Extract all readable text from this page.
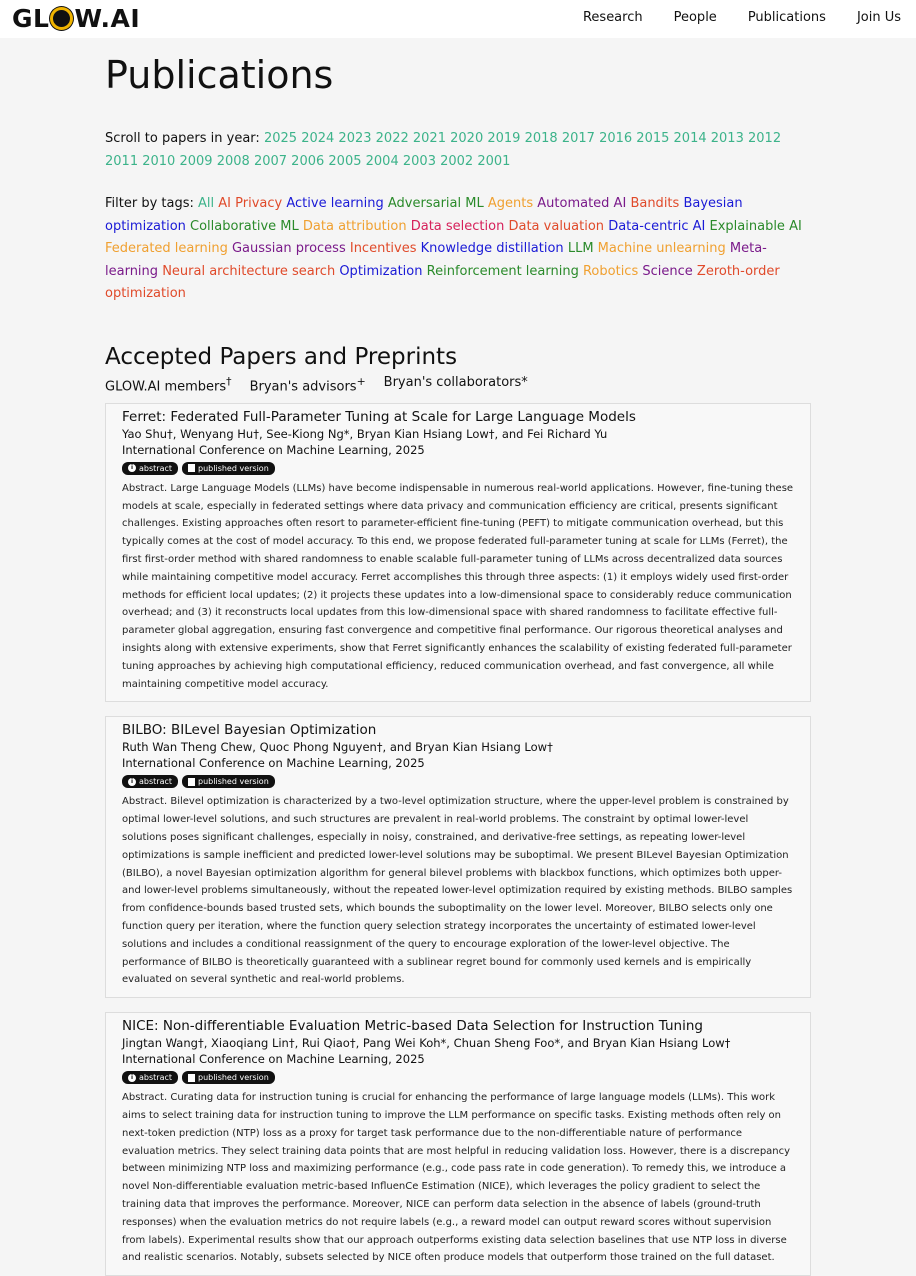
GL W.AI	Research People Publications Join Us
Publications
Scroll to papers in year: 2025 2024 2023 2022 2021 2020 2019 2018 2017 2016 2015 2014 2013 2012 2011 2010 2009 2008 2007 2006 2005 2004 2003 2002 2001
Filter by tags: All AI Privacy Active learning Adversarial ML Agents Automated AI Bandits Bayesian optimization Collaborative ML Data attribution Data selection Data valuation Data-centric AI Explainable AI Federated learning Gaussian process Incentives Knowledge distillation LLM Machine unlearning Meta-learning Neural architecture search Optimization Reinforcement learning Robotics Science Zeroth-order optimization
Accepted Papers and Preprints
GLOW.AI members† Bryan's advisors+ Bryan's collaborators*
Ferret: Federated Full-Parameter Tuning at Scale for Large Language Models
Yao Shu†, Wenyang Hu†, See-Kiong Ng*, Bryan Kian Hsiang Low†, and Fei Richard Yu
International Conference on Machine Learning, 2025
i abstract	published version
Abstract. Large Language Models (LLMs) have become indispensable in numerous real-world applications. However, fine-tuning these models at scale, especially in federated settings where data privacy and communication efficiency are critical, presents significant challenges. Existing approaches often resort to parameter-efficient fine-tuning (PEFT) to mitigate communication overhead, but this typically comes at the cost of model accuracy. To this end, we propose federated full-parameter tuning at scale for LLMs (Ferret), the first first-order method with shared randomness to enable scalable full-parameter tuning of LLMs across decentralized data sources while maintaining competitive model accuracy. Ferret accomplishes this through three aspects: (1) it employs widely used first-order methods for efficient local updates; (2) it projects these updates into a low-dimensional space to considerably reduce communication overhead; and (3) it reconstructs local updates from this low-dimensional space with shared randomness to facilitate effective full-parameter global aggregation, ensuring fast convergence and competitive final performance. Our rigorous theoretical analyses and insights along with extensive experiments, show that Ferret significantly enhances the scalability of existing federated full-parameter tuning approaches by achieving high computational efficiency, reduced communication overhead, and fast convergence, all while maintaining competitive model accuracy.
BILBO: BILevel Bayesian Optimization
Ruth Wan Theng Chew, Quoc Phong Nguyen†, and Bryan Kian Hsiang Low†
International Conference on Machine Learning, 2025
i abstract	published version
Abstract. Bilevel optimization is characterized by a two-level optimization structure, where the upper-level problem is constrained by optimal lower-level solutions, and such structures are prevalent in real-world problems. The constraint by optimal lower-level solutions poses significant challenges, especially in noisy, constrained, and derivative-free settings, as repeating lower-level optimizations is sample inefficient and predicted lower-level solutions may be suboptimal. We present BILevel Bayesian Optimization (BILBO), a novel Bayesian optimization algorithm for general bilevel problems with blackbox functions, which optimizes both upper- and lower-level problems simultaneously, without the repeated lower-level optimization required by existing methods. BILBO samples from confidence-bounds based trusted sets, which bounds the suboptimality on the lower level. Moreover, BILBO selects only one function query per iteration, where the function query selection strategy incorporates the uncertainty of estimated lower-level solutions and includes a conditional reassignment of the query to encourage exploration of the lower-level objective. The performance of BILBO is theoretically guaranteed with a sublinear regret bound for commonly used kernels and is empirically evaluated on several synthetic and real-world problems.
NICE: Non-differentiable Evaluation Metric-based Data Selection for Instruction Tuning
Jingtan Wang†, Xiaoqiang Lin†, Rui Qiao†, Pang Wei Koh*, Chuan Sheng Foo*, and Bryan Kian Hsiang Low†
International Conference on Machine Learning, 2025
i abstract	published version
Abstract. Curating data for instruction tuning is crucial for enhancing the performance of large language models (LLMs). This work aims to select training data for instruction tuning to improve the LLM performance on specific tasks. Existing methods often rely on next-token prediction (NTP) loss as a proxy for target task performance due to the non-differentiable nature of performance evaluation metrics. They select training data points that are most helpful in reducing validation loss. However, there is a discrepancy between minimizing NTP loss and maximizing performance (e.g., code pass rate in code generation). To remedy this, we introduce a novel Non-differentiable evaluation metric-based InfluenCe Estimation (NICE), which leverages the policy gradient to select the training data that improves the performance. Moreover, NICE can perform data selection in the absence of labels (ground-truth responses) when the evaluation metrics do not require labels (e.g., a reward model can output reward scores without supervision from labels). Experimental results show that our approach outperforms existing data selection baselines that use NTP loss in diverse and realistic scenarios. Notably, subsets selected by NICE often produce models that outperform those trained on the full dataset.
